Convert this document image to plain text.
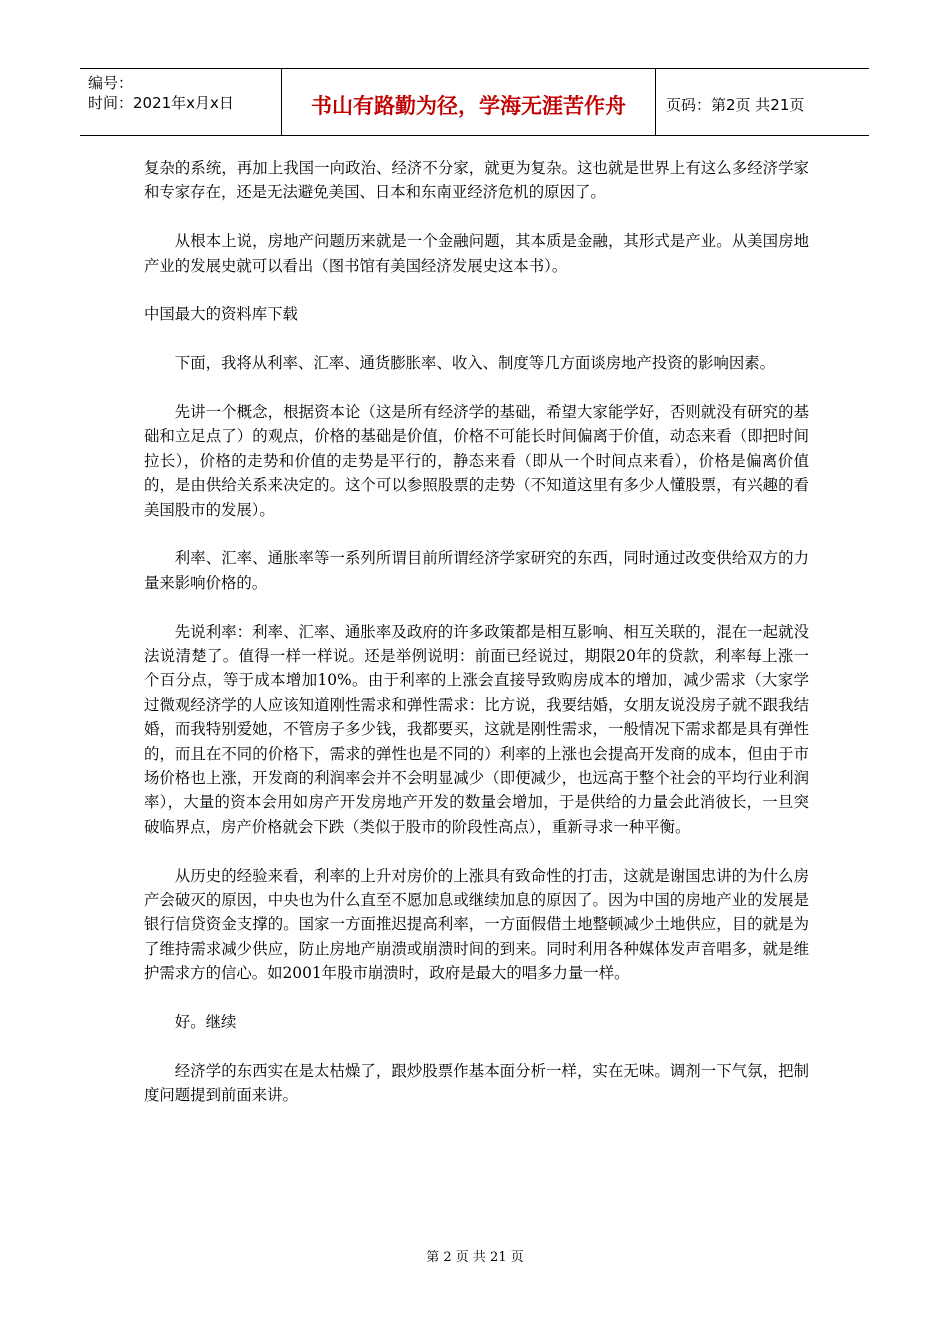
编号：
时间：2021年x月x日	书山有路勤为径，学海无涯苦作舟	页码：第2页 共21页

复杂的系统，再加上我国一向政治、经济不分家，就更为复杂。这也就是世界上有这么多经济学家和专家存在，还是无法避免美国、日本和东南亚经济危机的原因了。

从根本上说，房地产问题历来就是一个金融问题，其本质是金融，其形式是产业。从美国房地产业的发展史就可以看出（图书馆有美国经济发展史这本书）。

中国最大的资料库下载

下面，我将从利率、汇率、通货膨胀率、收入、制度等几方面谈房地产投资的影响因素。

先讲一个概念，根据资本论（这是所有经济学的基础，希望大家能学好，否则就没有研究的基础和立足点了）的观点，价格的基础是价值，价格不可能长时间偏离于价值，动态来看（即把时间拉长），价格的走势和价值的走势是平行的，静态来看（即从一个时间点来看），价格是偏离价值的，是由供给关系来决定的。这个可以参照股票的走势（不知道这里有多少人懂股票，有兴趣的看美国股市的发展）。

利率、汇率、通胀率等一系列所谓目前所谓经济学家研究的东西，同时通过改变供给双方的力量来影响价格的。

先说利率：利率、汇率、通胀率及政府的许多政策都是相互影响、相互关联的，混在一起就没法说清楚了。值得一样一样说。还是举例说明：前面已经说过，期限20年的贷款，利率每上涨一个百分点，等于成本增加10%。由于利率的上涨会直接导致购房成本的增加，减少需求（大家学过微观经济学的人应该知道刚性需求和弹性需求：比方说，我要结婚，女朋友说没房子就不跟我结婚，而我特别爱她，不管房子多少钱，我都要买，这就是刚性需求，一般情况下需求都是具有弹性的，而且在不同的价格下，需求的弹性也是不同的）利率的上涨也会提高开发商的成本，但由于市场价格也上涨，开发商的利润率会并不会明显减少（即便减少，也远高于整个社会的平均行业利润率），大量的资本会用如房产开发房地产开发的数量会增加，于是供给的力量会此消彼长，一旦突破临界点，房产价格就会下跌（类似于股市的阶段性高点），重新寻求一种平衡。

从历史的经验来看，利率的上升对房价的上涨具有致命性的打击，这就是谢国忠讲的为什么房产会破灭的原因，中央也为什么直至不愿加息或继续加息的原因了。因为中国的房地产业的发展是银行信贷资金支撑的。国家一方面推迟提高利率，一方面假借土地整顿减少土地供应，目的就是为了维持需求减少供应，防止房地产崩溃或崩溃时间的到来。同时利用各种媒体发声音唱多，就是维护需求方的信心。如2001年股市崩溃时，政府是最大的唱多力量一样。

好。继续

经济学的东西实在是太枯燥了，跟炒股票作基本面分析一样，实在无味。调剂一下气氛，把制度问题提到前面来讲。

第 2 页 共 21 页
